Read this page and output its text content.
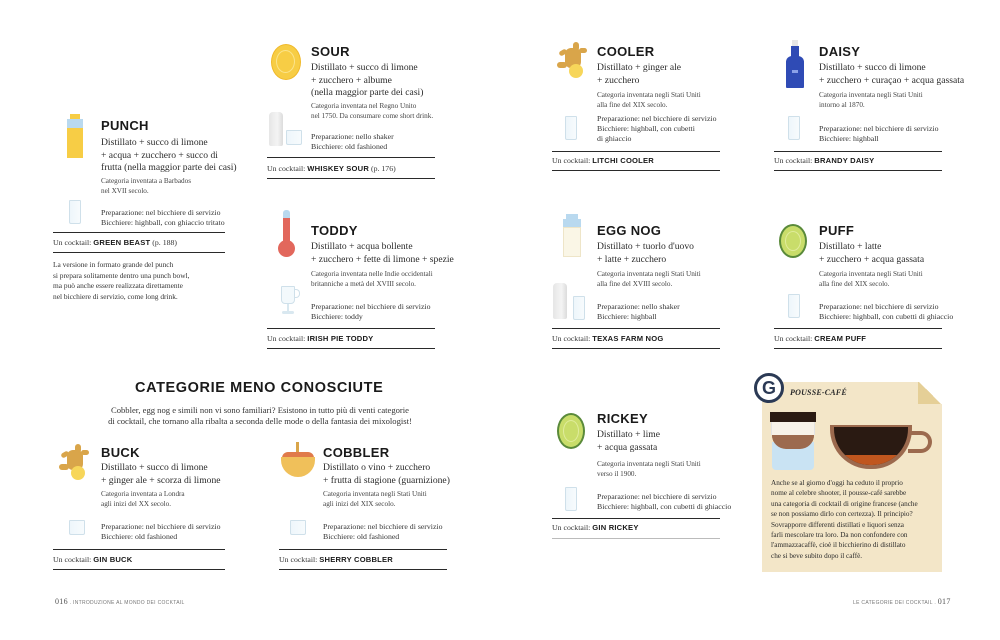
PUNCH
Distillato + succo di limone
+ acqua + zucchero + succo di
frutta (nella maggior parte dei casi)
Categoria inventata a Barbados
nel XVII secolo.
Preparazione: nel bicchiere di servizio
Bicchiere: highball, con ghiaccio tritato
Un cocktail: GREEN BEAST (p. 188)
La versione in formato grande del punch
si prepara solitamente dentro una punch bowl,
ma può anche essere realizzata direttamente
nel bicchiere di servizio, come long drink.
SOUR
Distillato + succo di limone
+ zucchero + albume
(nella maggior parte dei casi)
Categoria inventata nel Regno Unito
nel 1750. Da consumare come short drink.
Preparazione: nello shaker
Bicchiere: old fashioned
Un cocktail: WHISKEY SOUR (p. 176)
TODDY
Distillato + acqua bollente
+ zucchero + fette di limone + spezie
Categoria inventata nelle Indie occidentali
britanniche a metà del XVIII secolo.
Preparazione: nel bicchiere di servizio
Bicchiere: toddy
Un cocktail: IRISH PIE TODDY
CATEGORIE MENO CONOSCIUTE
Cobbler, egg nog e simili non vi sono familiari? Esistono in tutto più di venti categorie
di cocktail, che tornano alla ribalta a seconda delle mode o della fantasia dei mixologist!
BUCK
Distillato + succo di limone
+ ginger ale + scorza di limone
Categoria inventata a Londra
agli inizi del XX secolo.
Preparazione: nel bicchiere di servizio
Bicchiere: old fashioned
Un cocktail: GIN BUCK
COBBLER
Distillato o vino + zucchero
+ frutta di stagione (guarnizione)
Categoria inventata negli Stati Uniti
agli inizi del XIX secolo.
Preparazione: nel bicchiere di servizio
Bicchiere: old fashioned
Un cocktail: SHERRY COBBLER
COOLER
Distillato + ginger ale
+ zucchero
Categoria inventata negli Stati Uniti
alla fine del XIX secolo.
Preparazione: nel bicchiere di servizio
Bicchiere: highball, con cubetti
di ghiaccio
Un cocktail: LITCHI COOLER
DAISY
Distillato + succo di limone
+ zucchero + curaçao + acqua gassata
Categoria inventata negli Stati Uniti
intorno al 1870.
Preparazione: nel bicchiere di servizio
Bicchiere: highball
Un cocktail: BRANDY DAISY
EGG NOG
Distillato + tuorlo d'uovo
+ latte + zucchero
Categoria inventata negli Stati Uniti
alla fine del XVIII secolo.
Preparazione: nello shaker
Bicchiere: highball
Un cocktail: TEXAS FARM NOG
PUFF
Distillato + latte
+ zucchero + acqua gassata
Categoria inventata negli Stati Uniti
alla fine del XIX secolo.
Preparazione: nel bicchiere di servizio
Bicchiere: highball, con cubetti di ghiaccio
Un cocktail: CREAM PUFF
RICKEY
Distillato + lime
+ acqua gassata
Categoria inventata negli Stati Uniti
verso il 1900.
Preparazione: nel bicchiere di servizio
Bicchiere: highball, con cubetti di ghiaccio
Un cocktail: GIN RICKEY
G	POUSSE-CAFÉ
Anche se al giorno d'oggi ha ceduto il proprio
nome al celebre shooter, il pousse-café sarebbe
una categoria di cocktail di origine francese (anche
se non possiamo dirlo con certezza). Il principio?
Sovrapporre differenti distillati e liquori senza
farli mescolare tra loro. Da non confondere con
l'ammazzacaffè, cioè il bicchierino di distillato
che si beve subito dopo il caffè.
016 . INTRODUZIONE AL MONDO DEI COCKTAIL	LE CATEGORIE DEI COCKTAIL . 017
